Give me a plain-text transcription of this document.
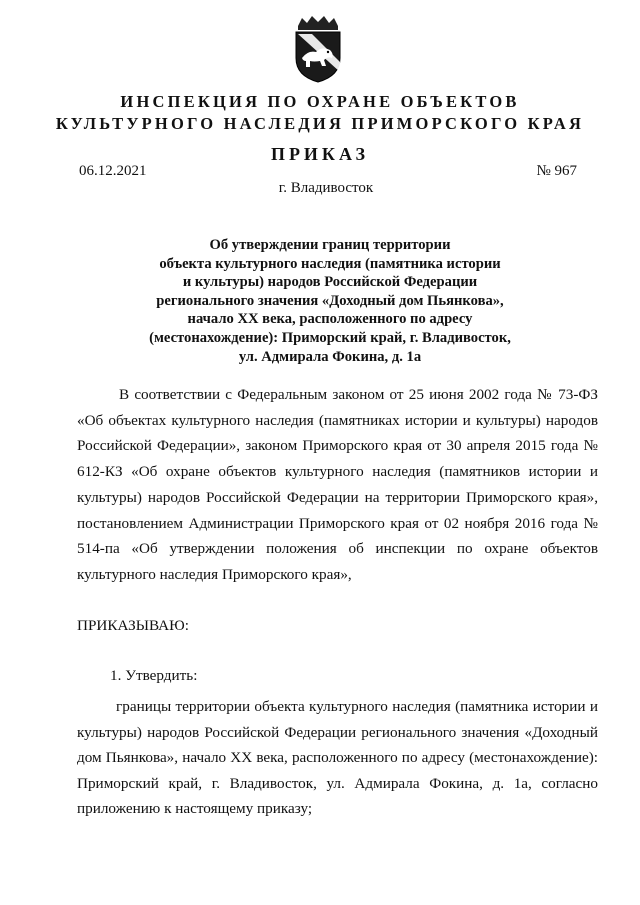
ИНСПЕКЦИЯ ПО ОХРАНЕ ОБЪЕКТОВ
КУЛЬТУРНОГО НАСЛЕДИЯ ПРИМОРСКОГО КРАЯ
ПРИКАЗ
06.12.2021	№ 967
г. Владивосток
Об утверждении границ территории
объекта культурного наследия (памятника истории
и культуры) народов Российской Федерации
регионального значения «Доходный дом Пьянкова»,
начало XX века, расположенного по адресу
(местонахождение): Приморский край, г. Владивосток,
ул. Адмирала Фокина, д. 1а

В соответствии с Федеральным законом от 25 июня 2002 года № 73-ФЗ «Об объектах культурного наследия (памятниках истории и культуры) народов Российской Федерации», законом Приморского края от 30 апреля 2015 года № 612-КЗ «Об охране объектов культурного наследия (памятников истории и культуры) народов Российской Федерации на территории Приморского края», постановлением Администрации Приморского края от 02 ноября 2016 года № 514-па «Об утверждении положения об инспекции по охране объектов культурного наследия Приморского края»,

ПРИКАЗЫВАЮ:
1. Утвердить:

границы территории объекта культурного наследия (памятника истории и культуры) народов Российской Федерации регионального значения «Доходный дом Пьянкова», начало XX века, расположенного по адресу (местонахождение): Приморский край, г. Владивосток, ул. Адмирала Фокина, д. 1а, согласно приложению к настоящему приказу;
